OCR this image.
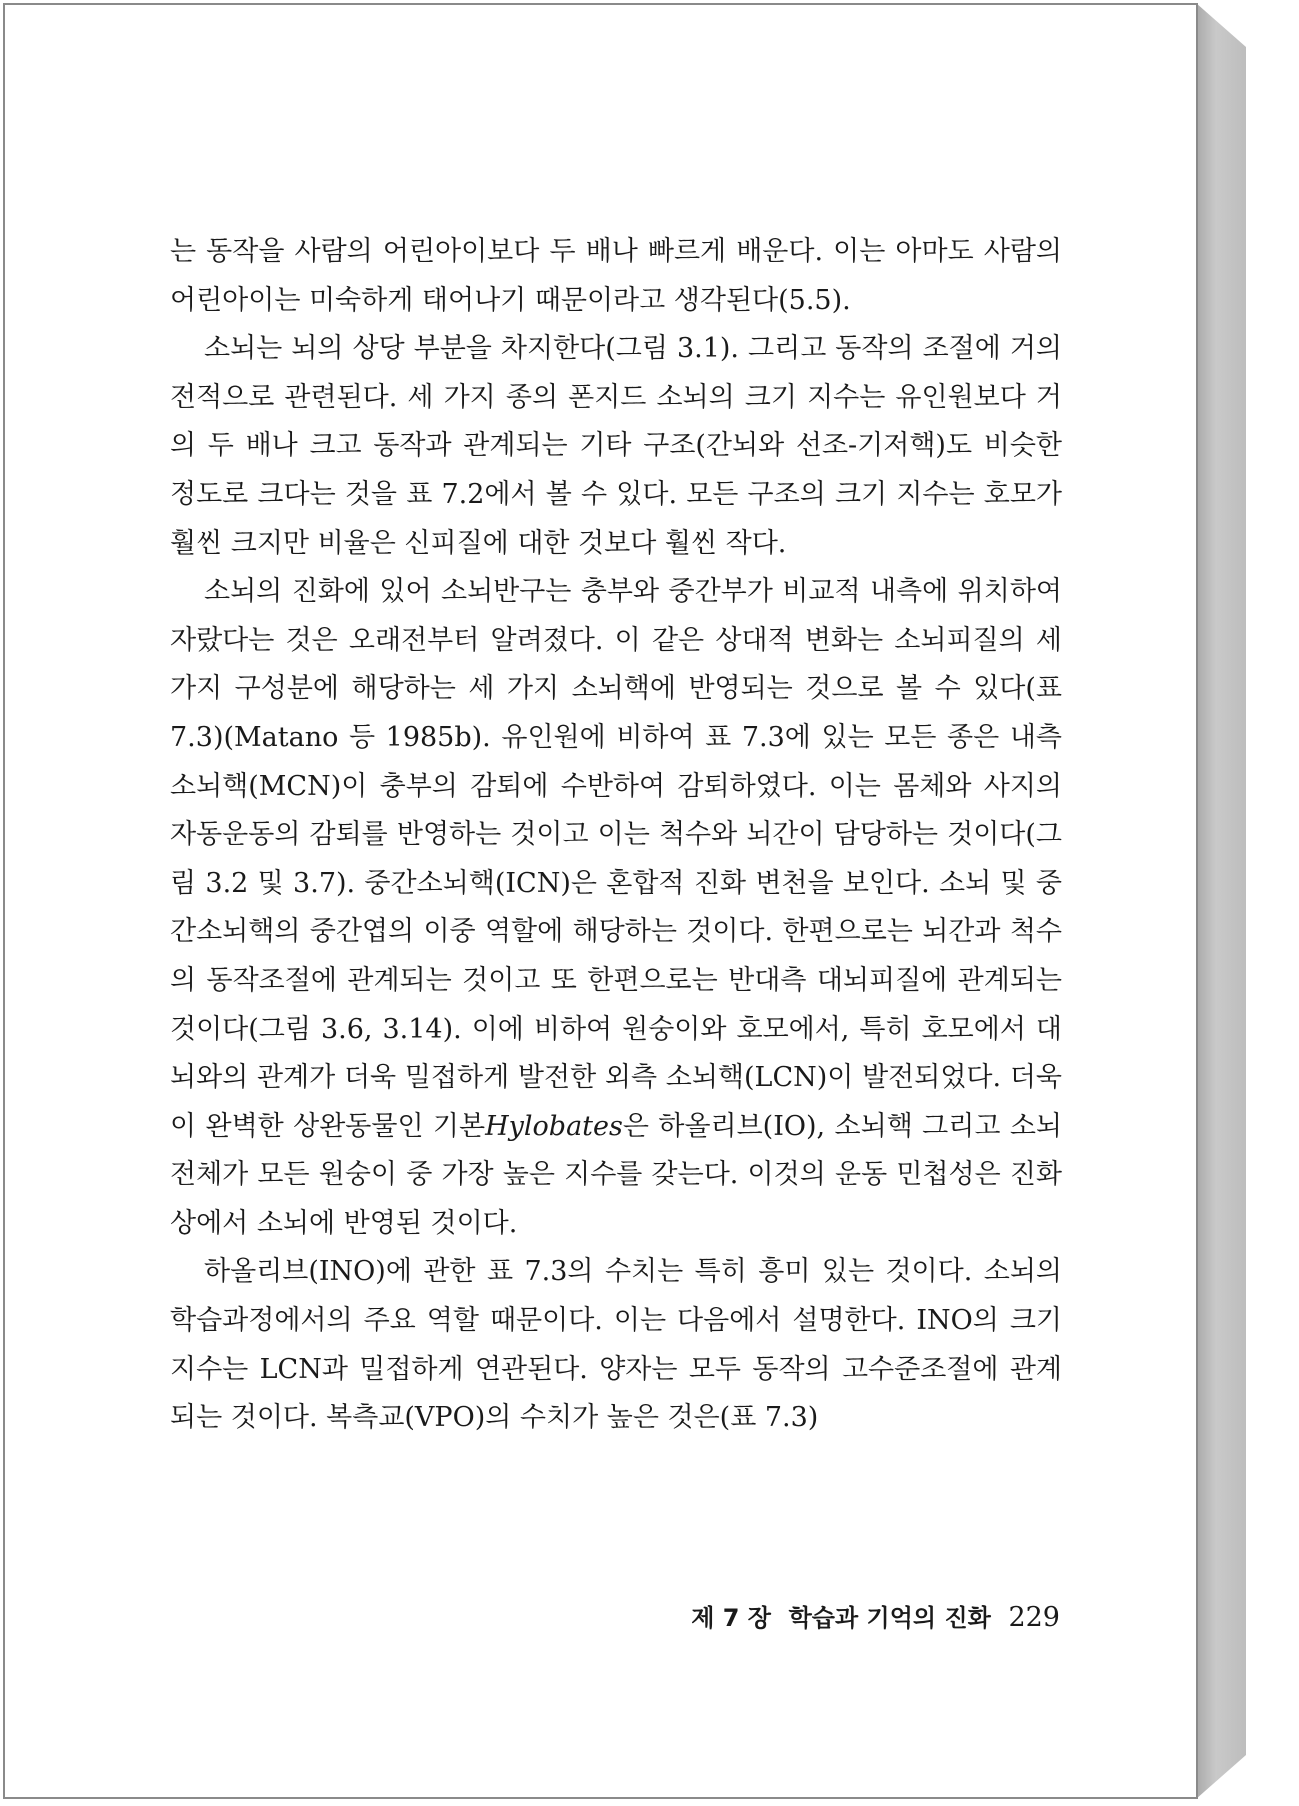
는 동작을 사람의 어린아이보다 두 배나 빠르게 배운다. 이는 아마도 사람의 어린아이는 미숙하게 태어나기 때문이라고 생각된다(5.5).

소뇌는 뇌의 상당 부분을 차지한다(그림 3.1). 그리고 동작의 조절에 거의 전적으로 관련된다. 세 가지 종의 폰지드 소뇌의 크기 지수는 유인원보다 거의 두 배나 크고 동작과 관계되는 기타 구조(간뇌와 선조-기저핵)도 비슷한 정도로 크다는 것을 표 7.2에서 볼 수 있다. 모든 구조의 크기 지수는 호모가 훨씬 크지만 비율은 신피질에 대한 것보다 훨씬 작다.

소뇌의 진화에 있어 소뇌반구는 충부와 중간부가 비교적 내측에 위치하여 자랐다는 것은 오래전부터 알려졌다. 이 같은 상대적 변화는 소뇌피질의 세 가지 구성분에 해당하는 세 가지 소뇌핵에 반영되는 것으로 볼 수 있다(표 7.3)(Matano 등 1985b). 유인원에 비하여 표 7.3에 있는 모든 종은 내측소뇌핵(MCN)이 충부의 감퇴에 수반하여 감퇴하였다. 이는 몸체와 사지의 자동운동의 감퇴를 반영하는 것이고 이는 척수와 뇌간이 담당하는 것이다(그림 3.2 및 3.7). 중간소뇌핵(ICN)은 혼합적 진화 변천을 보인다. 소뇌 및 중간소뇌핵의 중간엽의 이중 역할에 해당하는 것이다. 한편으로는 뇌간과 척수의 동작조절에 관계되는 것이고 또 한편으로는 반대측 대뇌피질에 관계되는 것이다(그림 3.6, 3.14). 이에 비하여 원숭이와 호모에서, 특히 호모에서 대뇌와의 관계가 더욱 밀접하게 발전한 외측 소뇌핵(LCN)이 발전되었다. 더욱이 완벽한 상완동물인 기본Hylobates은 하올리브(IO), 소뇌핵 그리고 소뇌 전체가 모든 원숭이 중 가장 높은 지수를 갖는다. 이것의 운동 민첩성은 진화상에서 소뇌에 반영된 것이다.

하올리브(INO)에 관한 표 7.3의 수치는 특히 흥미 있는 것이다. 소뇌의 학습과정에서의 주요 역할 때문이다. 이는 다음에서 설명한다. INO의 크기 지수는 LCN과 밀접하게 연관된다. 양자는 모두 동작의 고수준조절에 관계되는 것이다. 복측교(VPO)의 수치가 높은 것은(표 7.3)

제 7 장 학습과 기억의 진화 229
